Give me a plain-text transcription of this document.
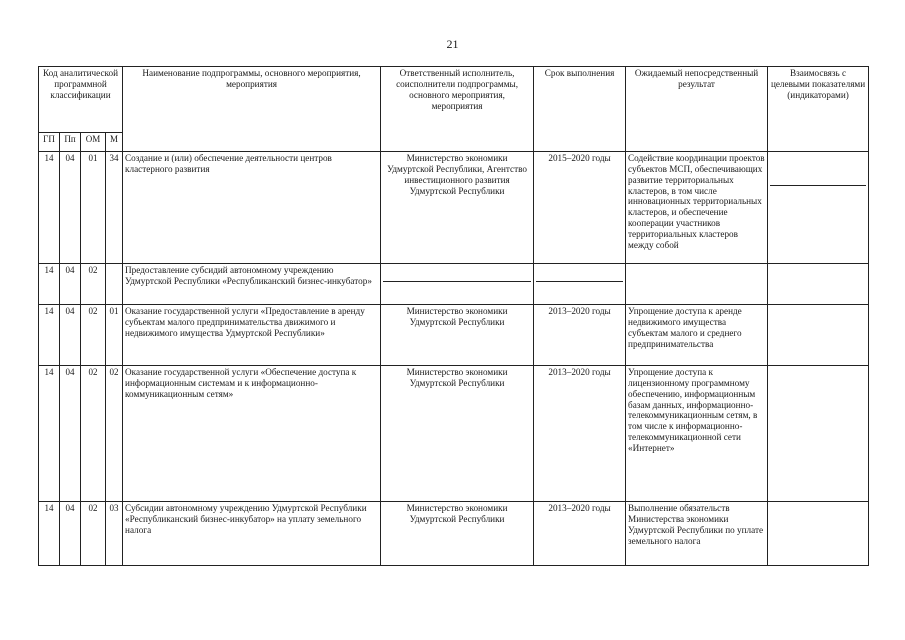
21
Код аналитической программной классификации				Наименование подпрограммы, основного мероприятия, мероприятия	Ответственный исполнитель, соисполнители подпрограммы, основного мероприятия, мероприятия	Срок выполнения	Ожидаемый непосредственный результат	Взаимосвязь с целевыми показателями (индикаторами)
ГП	Пп	ОМ	М					
14	04	01	34	Создание и (или) обеспечение деятельности центров кластерного развития	Министерство экономики Удмуртской Республики, Агентство инвестиционного развития Удмуртской Республики	2015–2020 годы	Содействие координации проектов субъектов МСП, обеспечивающих развитие территориальных кластеров, в том числе инновационных территориальных кластеров, и обеспечение кооперации участников территориальных кластеров между собой	

14	04	02		Предоставление субсидий автономному учреждению Удмуртской Республики «Республиканский бизнес-инкубатор»	

14	04	02	01	Оказание государственной услуги «Предоставление в аренду субъектам малого предпринимательства движимого и недвижимого имущества Удмуртской Республики»	Министерство экономики Удмуртской Республики	2013–2020 годы	Упрощение доступа к аренде недвижимого имущества субъектам малого и среднего предпринимательства	
14	04	02	02	Оказание государственной услуги «Обеспечение доступа к информационным системам и к информационно-коммуникационным сетям»	Министерство экономики Удмуртской Республики	2013–2020 годы	Упрощение доступа к лицензионному программному обеспечению, информационным базам данных, информационно-телекоммуникационным сетям, в том числе к информационно-телекоммуникационной сети «Интернет»	
14	04	02	03	Субсидии автономному учреждению Удмуртской Республики «Республиканский бизнес-инкубатор» на уплату земельного налога	Министерство экономики Удмуртской Республики	2013–2020 годы	Выполнение обязательств Министерства экономики Удмуртской Республики по уплате земельного налога	
